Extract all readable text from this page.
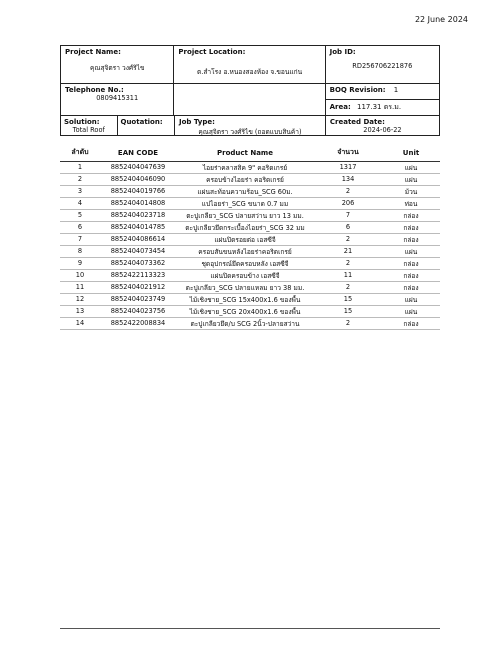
22 June 2024
Project Name:
คุณสุจิตรา วงศ์ริไข
Project Location:
ต.สำโรง อ.หนองสองห้อง จ.ขอนแก่น
Job ID:
RD256706221876
Telephone No.:
0809415311
BOQ Revision: 1
Area: 117.31 ตร.ม.
Solution:
Total Roof
Quotation:	Job Type:
คุณสุจิตรา วงศ์ริไข (ถอดแบบสินค้า)
Created Date:
2024-06-22
ลำดับ	EAN CODE	Product Name	จำนวน	Unit
1	8852404047639	ไอยร่าคลาสสิค 9" คอริดเกรย์	1317	แผ่น
2	8852404046090	ครอบข้างไอยร่า คอริดเกรย์	134	แผ่น
3	8852404019766	แผ่นสะท้อนความร้อน_SCG 60ม.	2	ม้วน
4	8852404014808	แปไอยร่า_SCG ขนาด 0.7 มม	206	ท่อน
5	8852404023718	ตะปูเกลียว_SCG ปลายสว่าน ยาว 13 มม.	7	กล่อง
6	8852404014785	ตะปูเกลียวยึดกระเบื้องไอยร่า_SCG 32 มม	6	กล่อง
7	8852404086614	แผ่นปิดรอยต่อ เอสซีจี	2	กล่อง
8	8852404073454	ครอบสันขนหลังไอยร่าคอริดเกรย์	21	แผ่น
9	8852404073362	ชุดอุปกรณ์ยึดครอบหลัง เอสซีจี	2	กล่อง
10	8852422113323	แผ่นปิดครอบข้าง เอสซีจี	11	กล่อง
11	8852404021912	ตะปูเกลียว_SCG ปลายแหลม ยาว 38 มม.	2	กล่อง
12	8852404023749	ไม้เชิงชาย_SCG 15x400x1.6 ของพื้น	15	แผ่น
13	8852404023756	ไม้เชิงชาย_SCG 20x400x1.6 ของพื้น	15	แผ่น
14	8852422008834	ตะปูเกลียวยึด/บ SCG 2นิ้ว-ปลายสว่าน	2	กล่อง
